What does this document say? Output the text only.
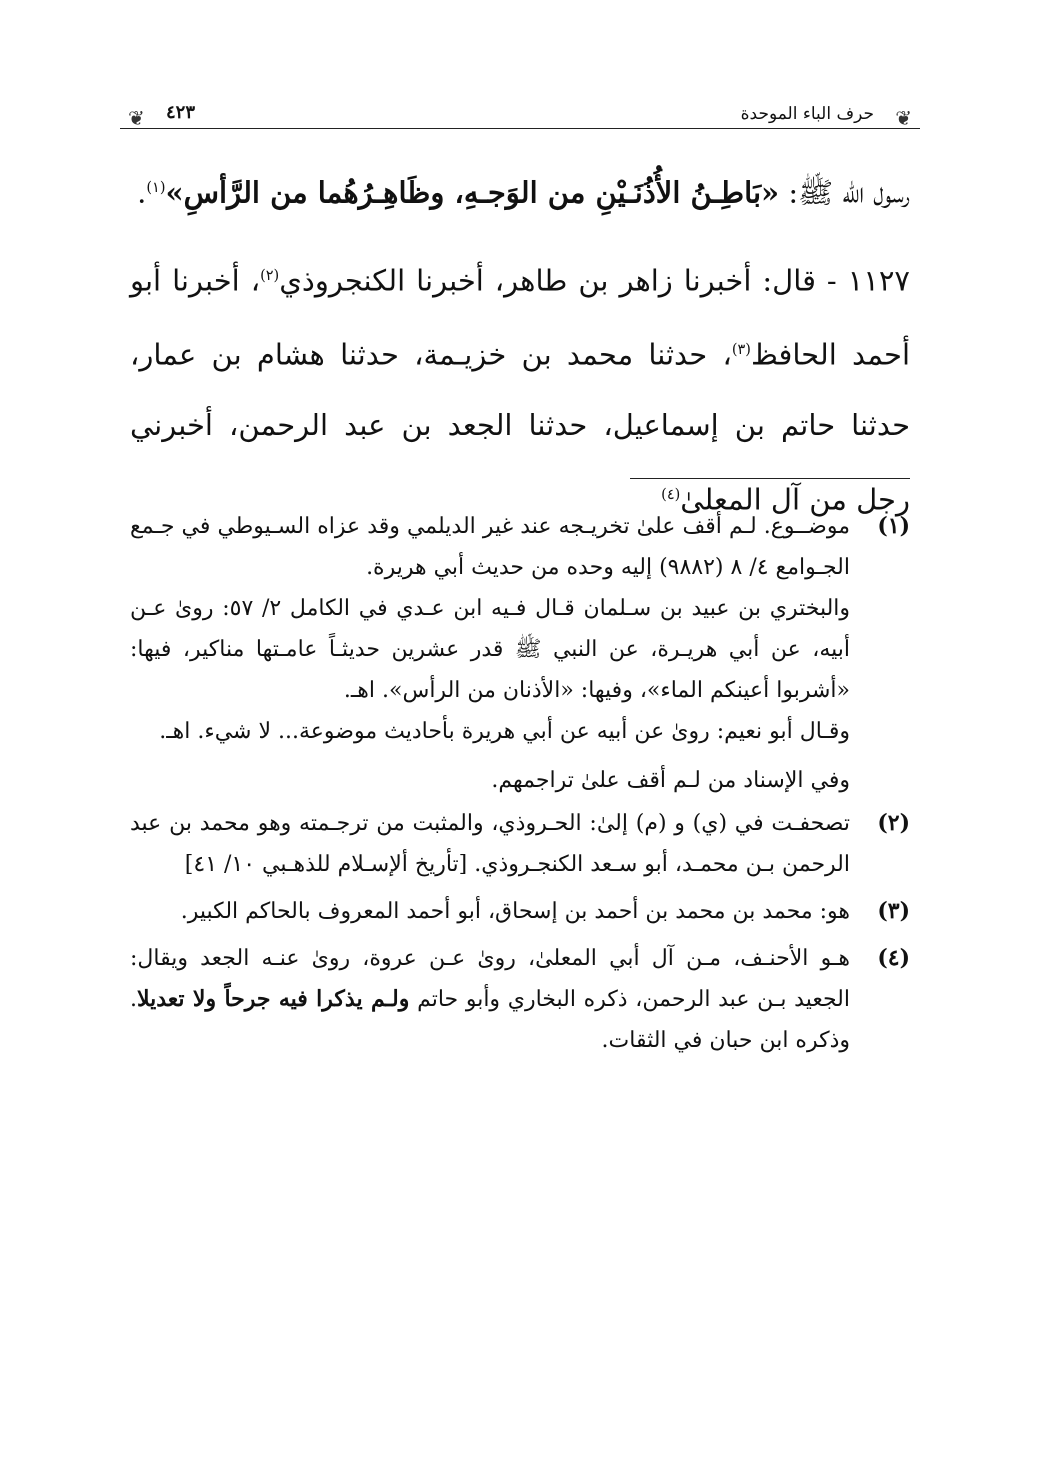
❦
حرف الباء الموحدة
٤٢٣
❦

رسول الله ﷺ: «بَاطِـنُ الأُذُنَـيْنِ من الوَجـهِ، وظَاهِـرُهُما من الرَّأسِ»$^{(١)}$.

١١٢٧ - قال: أخبرنا زاهر بن طاهر، أخبرنا الكنجروذي$^{(٢)}$، أخبرنا أبو أحمد الحافظ$^{(٣)}$، حدثنا محمد بن خزيـمة، حدثنا هشام بن عمار، حدثنا حاتم بن إسماعيل، حدثنا الجعد بن عبد الرحمن، أخبرني رجل من آل المعلىٰ$^{(٤)}$

(١)

موضــوع. لـم أقف علىٰ تخريـجه عند غير الديلمي وقد عزاه السـيوطي في جـمع الجـوامع ٤/ ٨ (٩٨٨٢) إليه وحده من حديث أبي هريرة.

والبختري بن عبيد بن سـلمان قـال فـيه ابن عـدي في الكامل ٢/ ٥٧: روىٰ عـن أبيه، عن أبي هريـرة، عن النبي ﷺ قدر عشرين حديثـاً عامـتها مناكير، فيها: «أشربوا أعينكم الماء»، وفيها: «الأذنان من الرأس». اهـ.

وقـال أبو نعيم: روىٰ عن أبيه عن أبي هريرة بأحاديث موضوعة... لا شيء. اهـ.

وفي الإسناد من لـم أقف علىٰ تراجمهم.

(٢)

تصحفـت في (ي) و (م) إلىٰ: الحـروذي، والمثبت من ترجـمته وهو محمد بن عبد الرحمن بـن محمـد، أبو سـعد الكنجـروذي. [تأريخ ألإسـلام للذهـبي ١٠/ ٤١]

(٣)

هو: محمد بن محمد بن أحمد بن إسحاق، أبو أحمد المعروف بالحاكم الكبير.

(٤)

هـو الأحنـف، مـن آل أبي المعلىٰ، روىٰ عـن عروة، روىٰ عنـه الجعد ويقال: الجعيد بـن عبد الرحمن، ذكره البخاري وأبو حاتم ولـم يذكرا فيه جرحاً ولا تعديلا. وذكره ابن حبان في الثقات.
